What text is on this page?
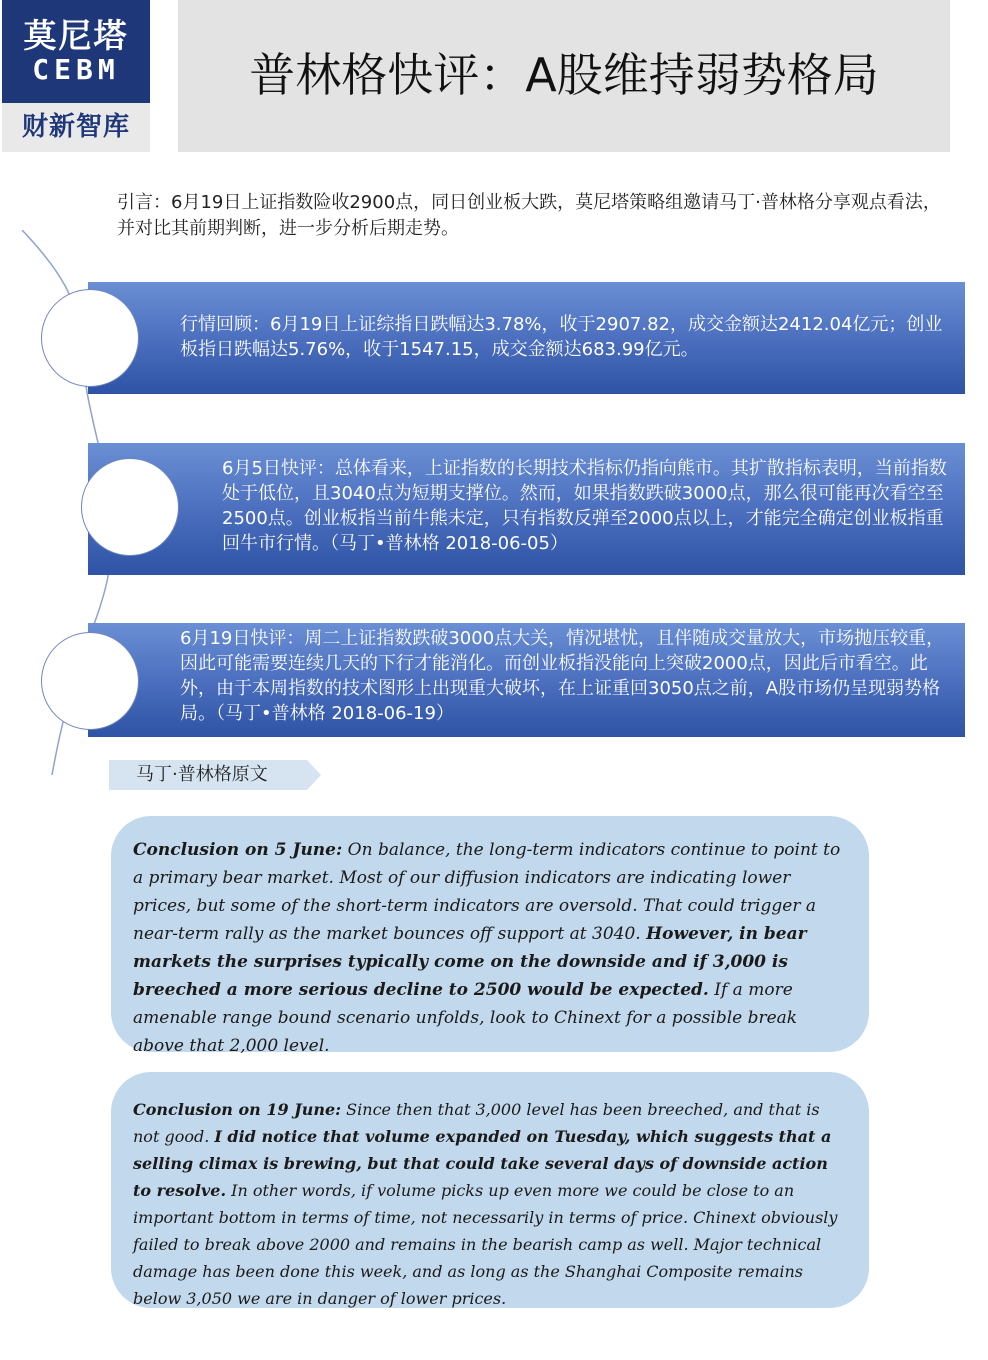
莫尼塔
CEBM
财新智库
普林格快评：A股维持弱势格局
引言：6月19日上证指数险收2900点，同日创业板大跌，莫尼塔策略组邀请马丁·普林格分享观点看法，并对比其前期判断，进一步分析后期走势。
行情回顾：6月19日上证综指日跌幅达3.78%，收于2907.82，成交金额达2412.04亿元；创业板指日跌幅达5.76%，收于1547.15，成交金额达683.99亿元。
6月5日快评：总体看来，上证指数的长期技术指标仍指向熊市。其扩散指标表明，当前指数处于低位，且3040点为短期支撑位。然而，如果指数跌破3000点，那么很可能再次看空至2500点。创业板指当前牛熊未定，只有指数反弹至2000点以上，才能完全确定创业板指重回牛市行情。（马丁•普林格 2018-06-05）
6月19日快评：周二上证指数跌破3000点大关，情况堪忧，且伴随成交量放大，市场抛压较重，因此可能需要连续几天的下行才能消化。而创业板指没能向上突破2000点，因此后市看空。此外，由于本周指数的技术图形上出现重大破坏，在上证重回3050点之前，A股市场仍呈现弱势格局。（马丁•普林格 2018-06-19）
马丁·普林格原文
Conclusion on 5 June: On balance, the long-term indicators continue to point to a primary bear market. Most of our diffusion indicators are indicating lower prices, but some of the short-term indicators are oversold. That could trigger a near-term rally as the market bounces off support at 3040. However, in bear markets the surprises typically come on the downside and if 3,000 is breeched a more serious decline to 2500 would be expected. If a more amenable range bound scenario unfolds, look to Chinext for a possible break above that 2,000 level.
Conclusion on 19 June: Since then that 3,000 level has been breeched, and that is not good. I did notice that volume expanded on Tuesday, which suggests that a selling climax is brewing, but that could take several days of downside action to resolve. In other words, if volume picks up even more we could be close to an important bottom in terms of time, not necessarily in terms of price. Chinext obviously failed to break above 2000 and remains in the bearish camp as well. Major technical damage has been done this week, and as long as the Shanghai Composite remains below 3,050 we are in danger of lower prices.
